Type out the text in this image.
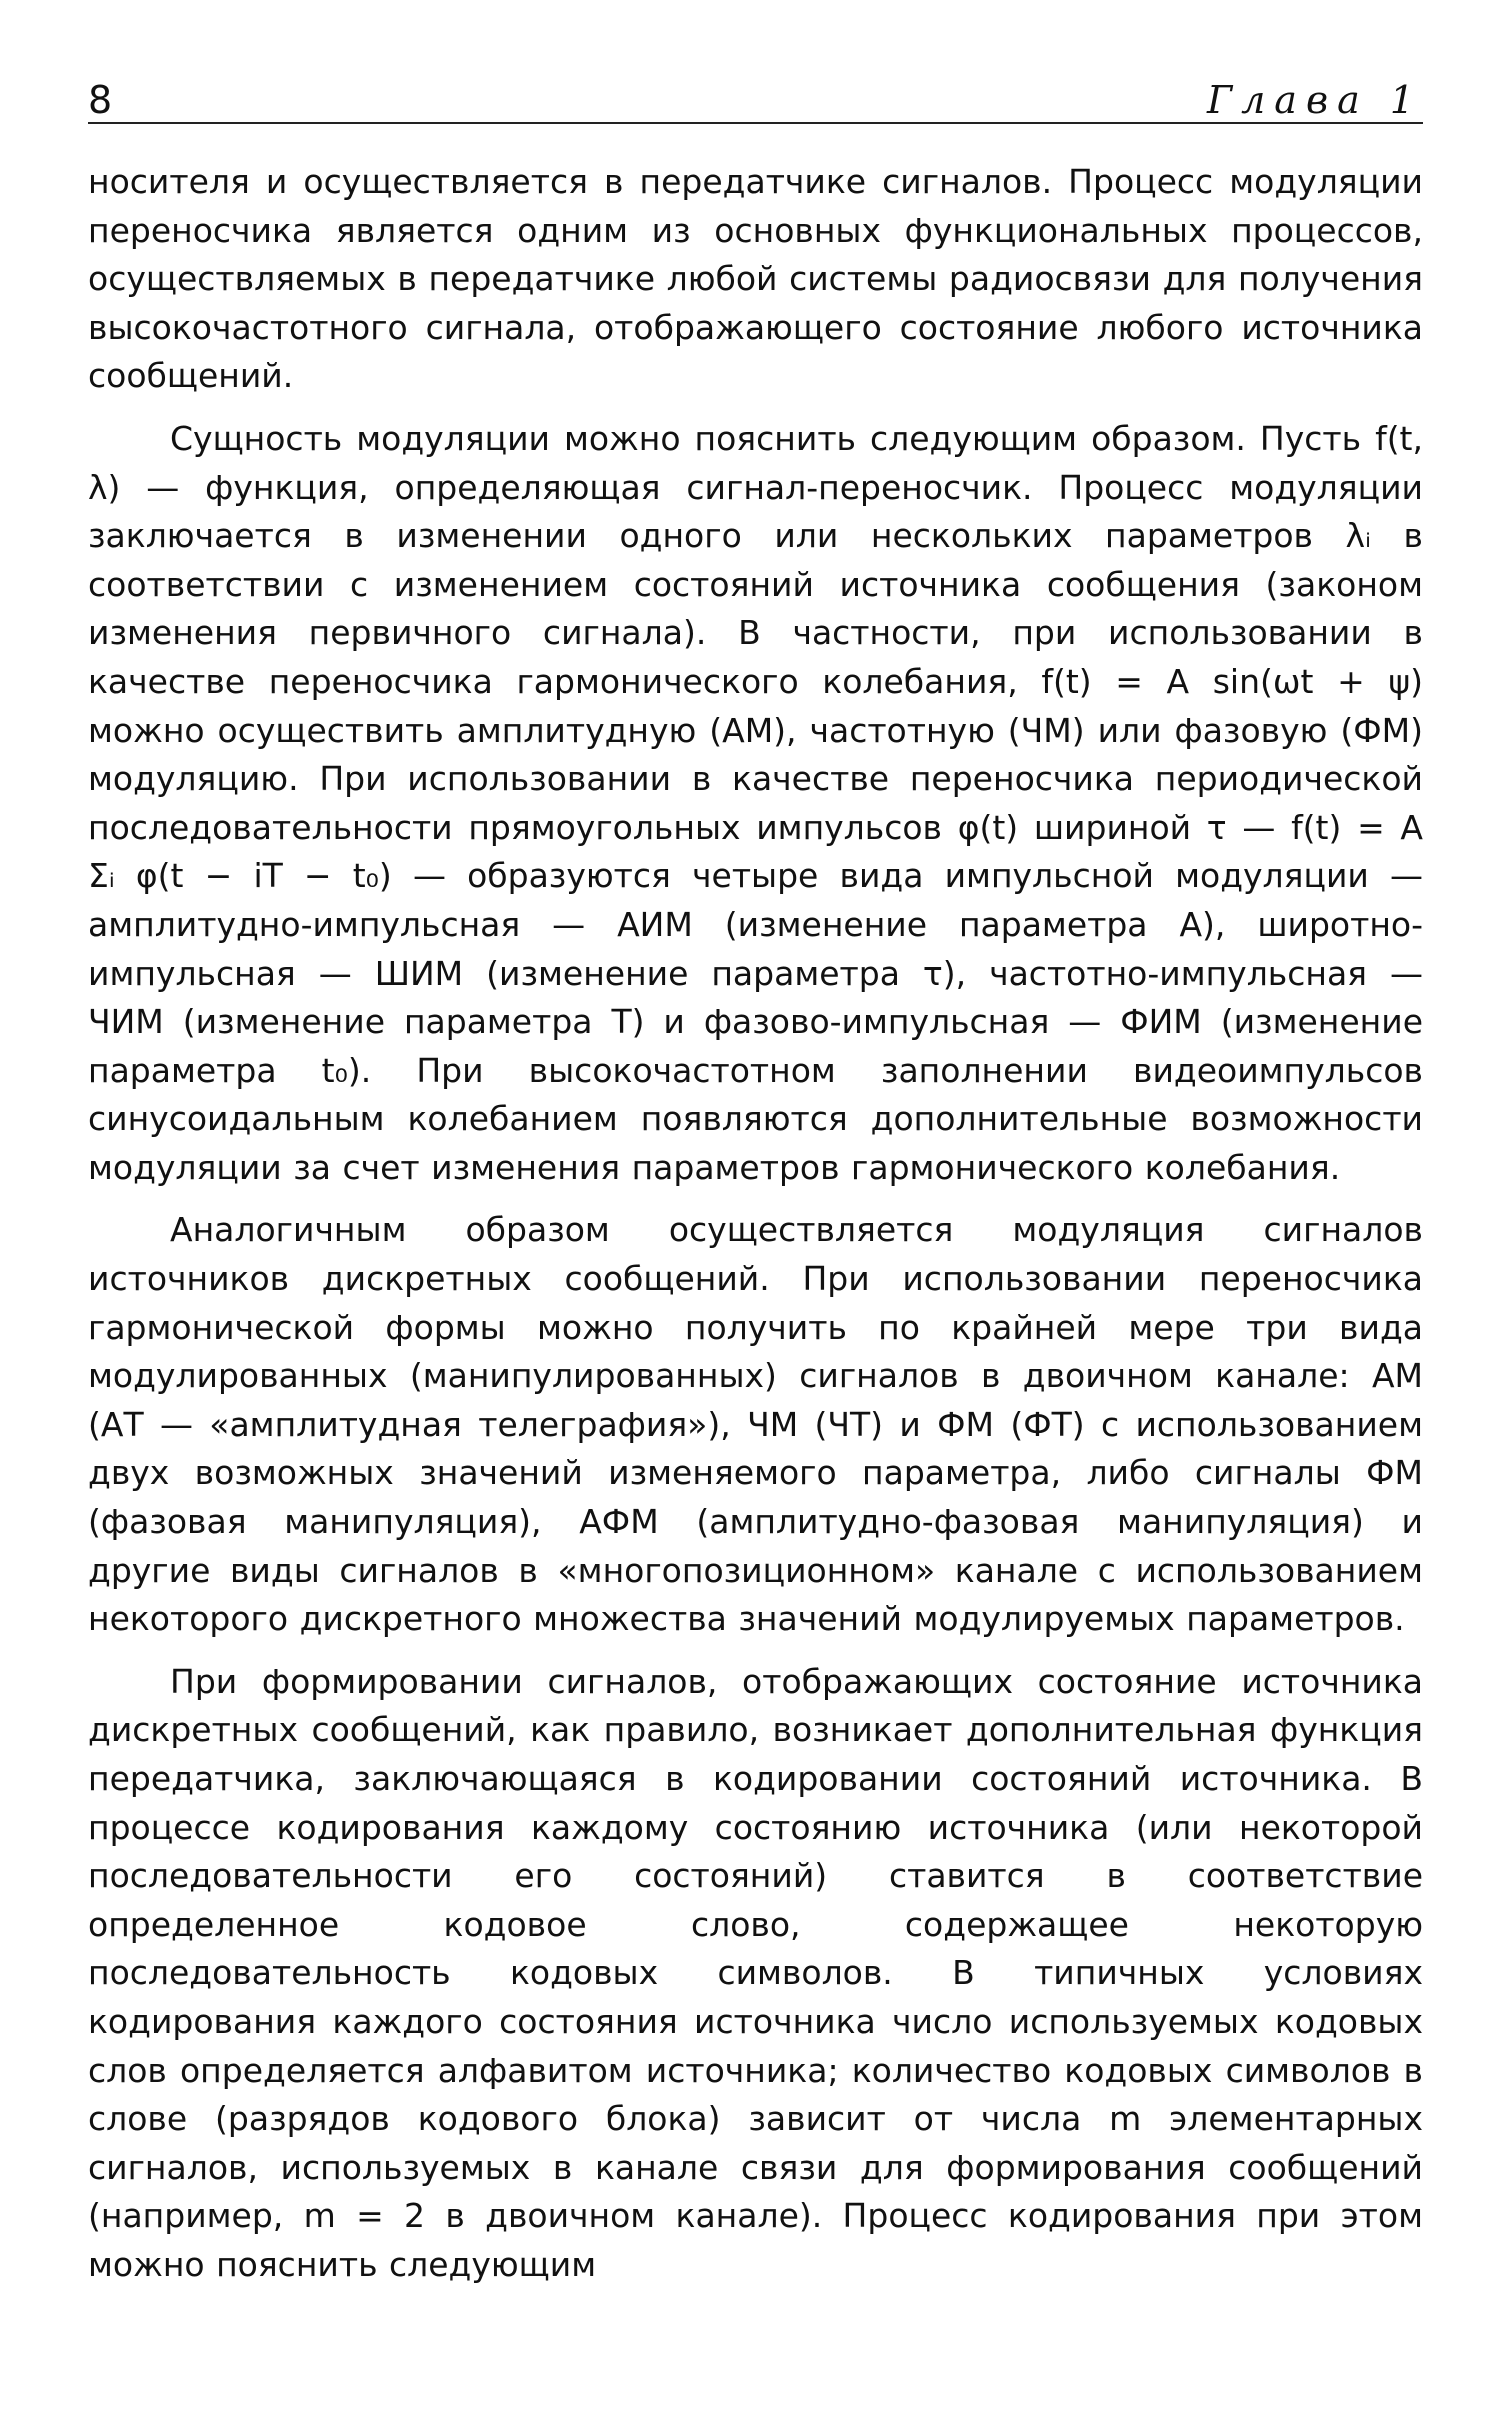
8	Глава 1

носителя и осуществляется в передатчике сигналов. Процесс модуляции переносчика является одним из основных функциональных процессов, осуществляемых в передатчике любой системы радиосвязи для получения высокочастотного сигнала, отображающего состояние любого источника сообщений.

Сущность модуляции можно пояснить следующим образом. Пусть f(t, λ) — функция, определяющая сигнал-переносчик. Процесс модуляции заключается в изменении одного или нескольких параметров λᵢ в соответствии с изменением состояний источника сообщения (законом изменения первичного сигнала). В частности, при использовании в качестве переносчика гармонического колебания, f(t) = A sin(ωt + ψ) можно осуществить амплитудную (АМ), частотную (ЧМ) или фазовую (ФМ) модуляцию. При использовании в качестве переносчика периодической последовательности прямоугольных импульсов φ(t) шириной τ — f(t) = A Σᵢ φ(t − iT − t₀) — образуются четыре вида импульсной модуляции — амплитудно-импульсная — АИМ (изменение параметра A), широтно-импульсная — ШИМ (изменение параметра τ), частотно-импульсная — ЧИМ (изменение параметра T) и фазово-импульсная — ФИМ (изменение параметра t₀). При высокочастотном заполнении видеоимпульсов синусоидальным колебанием появляются дополнительные возможности модуляции за счет изменения параметров гармонического колебания.

Аналогичным образом осуществляется модуляция сигналов источников дискретных сообщений. При использовании переносчика гармонической формы можно получить по крайней мере три вида модулированных (манипулированных) сигналов в двоичном канале: АМ (АТ — «амплитудная телеграфия»), ЧМ (ЧТ) и ФМ (ФТ) с использованием двух возможных значений изменяемого параметра, либо сигналы ФМ (фазовая манипуляция), АФМ (амплитудно-фазовая манипуляция) и другие виды сигналов в «многопозиционном» канале с использованием некоторого дискретного множества значений модулируемых параметров.

При формировании сигналов, отображающих состояние источника дискретных сообщений, как правило, возникает дополнительная функция передатчика, заключающаяся в кодировании состояний источника. В процессе кодирования каждому состоянию источника (или некоторой последовательности его состояний) ставится в соответствие определенное кодовое слово, содержащее некоторую последовательность кодовых символов. В типичных условиях кодирования каждого состояния источника число используемых кодовых слов определяется алфавитом источника; количество кодовых символов в слове (разрядов кодового блока) зависит от числа m элементарных сигналов, используемых в канале связи для формирования сообщений (например, m = 2 в двоичном канале). Процесс кодирования при этом можно пояснить следующим
